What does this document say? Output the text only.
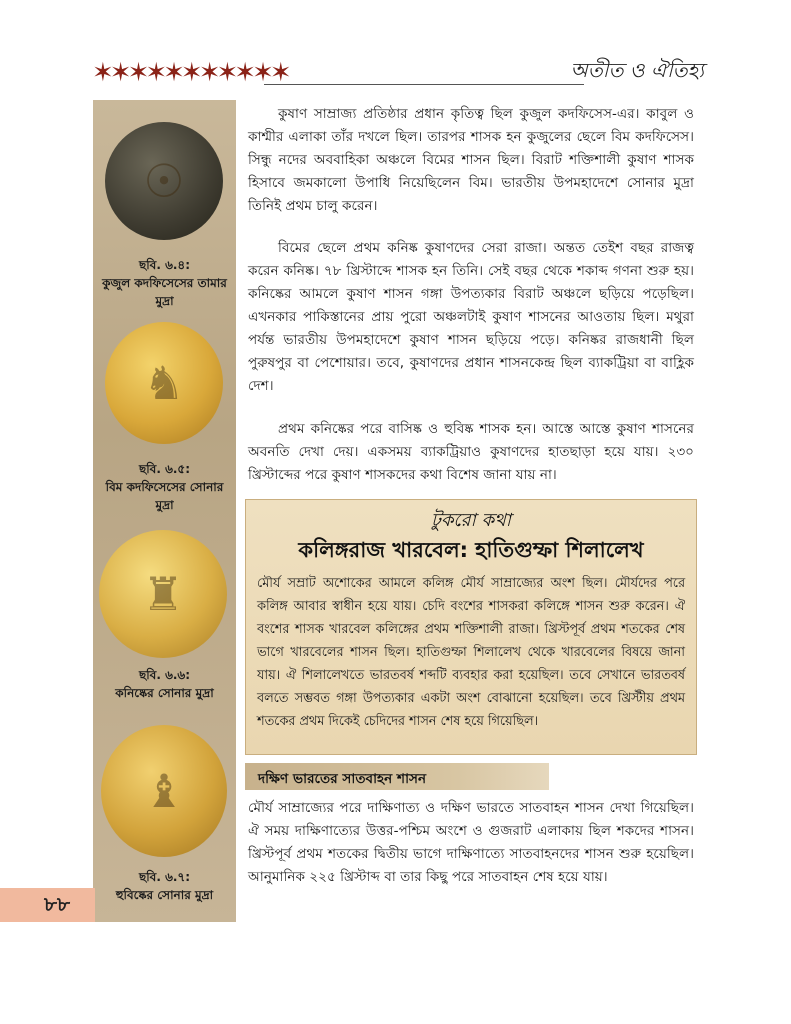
✶✶✶✶✶✶✶✶✶✶✶	অতীত ও ঐতিহ্য
☉
ছবি. ৬.৪:
কুজুল কদফিসেসের তামার মুদ্রা
♞
ছবি. ৬.৫:
বিম কদফিসেসের সোনার মুদ্রা
♜
ছবি. ৬.৬:
কনিষ্কের সোনার মুদ্রা
♝
ছবি. ৬.৭:
হুবিষ্কের সোনার মুদ্রা
৮৮

কুষাণ সাম্রাজ্য প্রতিষ্ঠার প্রধান কৃতিত্ব ছিল কুজুল কদফিসেস-এর। কাবুল ও কাশ্মীর এলাকা তাঁর দখলে ছিল। তারপর শাসক হন কুজুলের ছেলে বিম কদফিসেস। সিন্ধু নদের অববাহিকা অঞ্চলে বিমের শাসন ছিল। বিরাট শক্তিশালী কুষাণ শাসক হিসাবে জমকালো উপাধি নিয়েছিলেন বিম। ভারতীয় উপমহাদেশে সোনার মুদ্রা তিনিই প্রথম চালু করেন।

বিমের ছেলে প্রথম কনিষ্ক কুষাণদের সেরা রাজা। অন্তত তেইশ বছর রাজত্ব করেন কনিষ্ক। ৭৮ খ্রিস্টাব্দে শাসক হন তিনি। সেই বছর থেকে শকাব্দ গণনা শুরু হয়। কনিষ্কের আমলে কুষাণ শাসন গঙ্গা উপত্যকার বিরাট অঞ্চলে ছড়িয়ে পড়েছিল। এখনকার পাকিস্তানের প্রায় পুরো অঞ্চলটাই কুষাণ শাসনের আওতায় ছিল। মথুরা পর্যন্ত ভারতীয় উপমহাদেশে কুষাণ শাসন ছড়িয়ে পড়ে। কনিষ্কর রাজধানী ছিল পুরুষপুর বা পেশোয়ার। তবে, কুষাণদের প্রধান শাসনকেন্দ্র ছিল ব্যাকট্রিয়া বা বাহ্লিক দেশ।

প্রথম কনিষ্কের পরে বাসিষ্ক ও হুবিষ্ক শাসক হন। আস্তে আস্তে কুষাণ শাসনের অবনতি দেখা দেয়। একসময় ব্যাকট্রিয়াও কুষাণদের হাতছাড়া হয়ে যায়। ২৩০ খ্রিস্টাব্দের পরে কুষাণ শাসকদের কথা বিশেষ জানা যায় না।

টুকরো কথা
কলিঙ্গরাজ খারবেল: হাতিগুম্ফা শিলালেখ

মৌর্য সম্রাট অশোকের আমলে কলিঙ্গ মৌর্য সাম্রাজ্যের অংশ ছিল। মৌর্যদের পরে কলিঙ্গ আবার স্বাধীন হয়ে যায়। চেদি বংশের শাসকরা কলিঙ্গে শাসন শুরু করেন। ঐ বংশের শাসক খারবেল কলিঙ্গের প্রথম শক্তিশালী রাজা। খ্রিস্টপূর্ব প্রথম শতকের শেষ ভাগে খারবেলের শাসন ছিল। হাতিগুম্ফা শিলালেখ থেকে খারবেলের বিষয়ে জানা যায়। ঐ শিলালেখতে ভারতবর্ষ শব্দটি ব্যবহার করা হয়েছিল। তবে সেখানে ভারতবর্ষ বলতে সম্ভবত গঙ্গা উপত্যকার একটা অংশ বোঝানো হয়েছিল। তবে খ্রিস্টীয় প্রথম শতকের প্রথম দিকেই চেদিদের শাসন শেষ হয়ে গিয়েছিল।

দক্ষিণ ভারতের সাতবাহন শাসন

মৌর্য সাম্রাজ্যের পরে দাক্ষিণাত্য ও দক্ষিণ ভারতে সাতবাহন শাসন দেখা গিয়েছিল। ঐ সময় দাক্ষিণাত্যের উত্তর-পশ্চিম অংশে ও গুজরাট এলাকায় ছিল শকদের শাসন। খ্রিস্টপূর্ব প্রথম শতকের দ্বিতীয় ভাগে দাক্ষিণাত্যে সাতবাহনদের শাসন শুরু হয়েছিল। আনুমানিক ২২৫ খ্রিস্টাব্দ বা তার কিছু পরে সাতবাহন শেষ হয়ে যায়।
